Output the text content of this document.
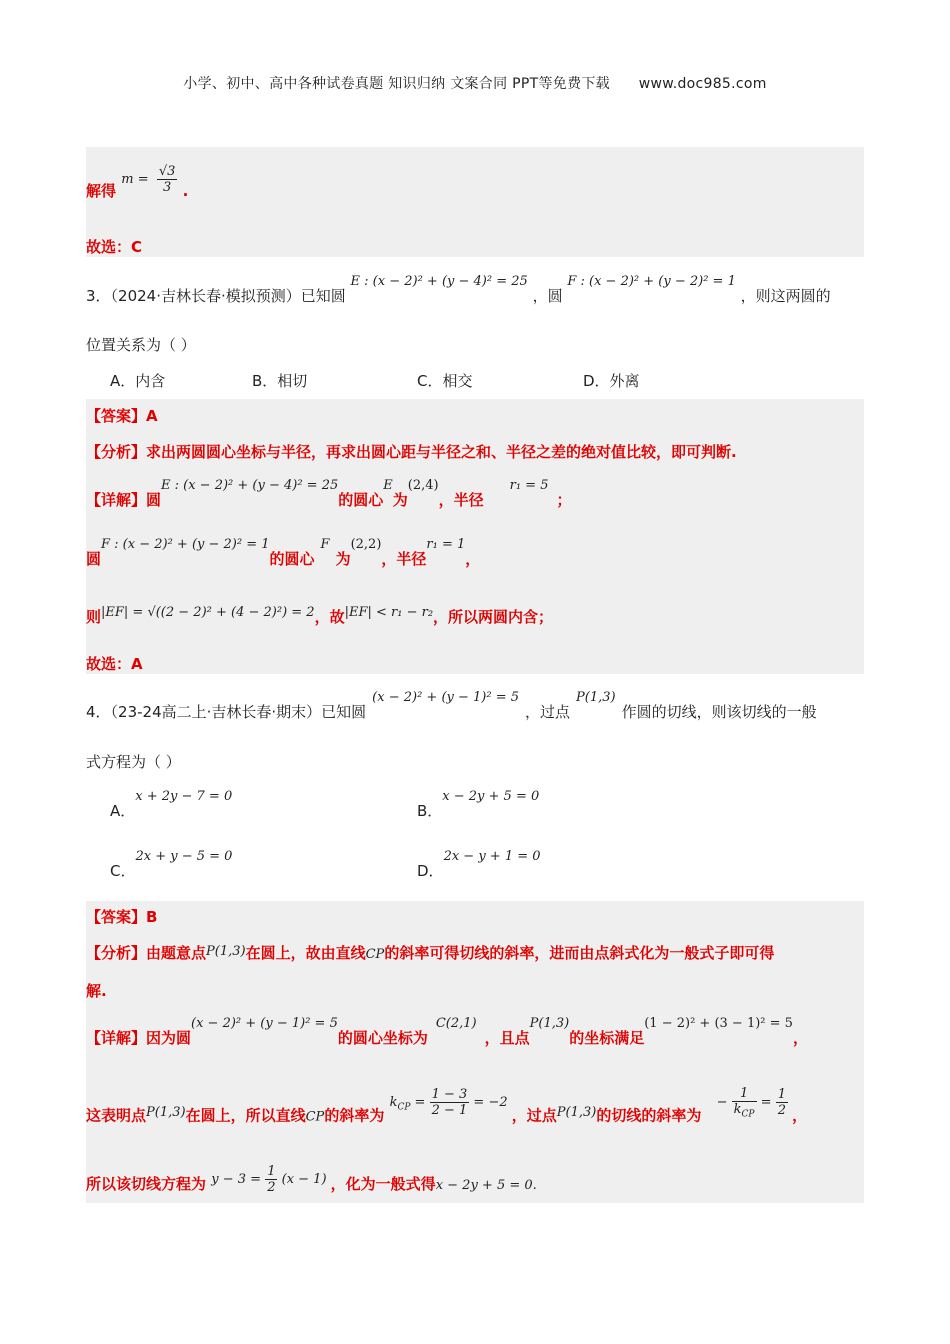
小学、初中、高中各种试卷真题 知识归纳 文案合同 PPT等免费下载 www.doc985.com
解得 $m = \frac{√3}{3}$ .
故选：C
3．（2024·吉林长春·模拟预测）已知圆 E : (x − 2)² + (y − 4)² = 25 ，圆 F : (x − 2)² + (y − 2)² = 1 ，则这两圆的
位置关系为（ ）
A．内含	B．相切	C．相交	D．外离
【答案】A
【分析】求出两圆圆心坐标与半径，再求出圆心距与半径之和、半径之差的绝对值比较，即可判断.
【详解】圆E : (x − 2)² + (y − 4)² = 25的圆心E为(2,4)，半径r₁ = 5；
圆F : (x − 2)² + (y − 2)² = 1的圆心F为(2,2)，半径r₁ = 1，
则|EF| = √((2 − 2)² + (4 − 2)²) = 2，故|EF| < r₁ − r₂，所以两圆内含；
故选：A
4．（23-24高二上·吉林长春·期末）已知圆(x − 2)² + (y − 1)² = 5，过点P(1,3)作圆的切线，则该切线的一般
式方程为（ ）
A．x + 2y − 7 = 0
B．x − 2y + 5 = 0
C．2x + y − 5 = 0
D．2x − y + 1 = 0
【答案】B
【分析】由题意点P(1,3)在圆上，故由直线CP的斜率可得切线的斜率，进而由点斜式化为一般式子即可得
解.
【详解】因为圆(x − 2)² + (y − 1)² = 5的圆心坐标为C(2,1)，且点P(1,3)的坐标满足(1 − 2)² + (3 − 1)² = 5，
这表明点P(1,3)在圆上，所以直线CP的斜率为 $k_{CP} = \frac{1 - 3}{2 - 1} = -2$ ，过点P(1,3)的切线的斜率为 − $\frac{1}{k_{CP}} = \frac{1}{2}$ ，
所以该切线方程为 $y - 3 = \frac{1}{2} (x - 1)$ ，化为一般式得x − 2y + 5 = 0.
